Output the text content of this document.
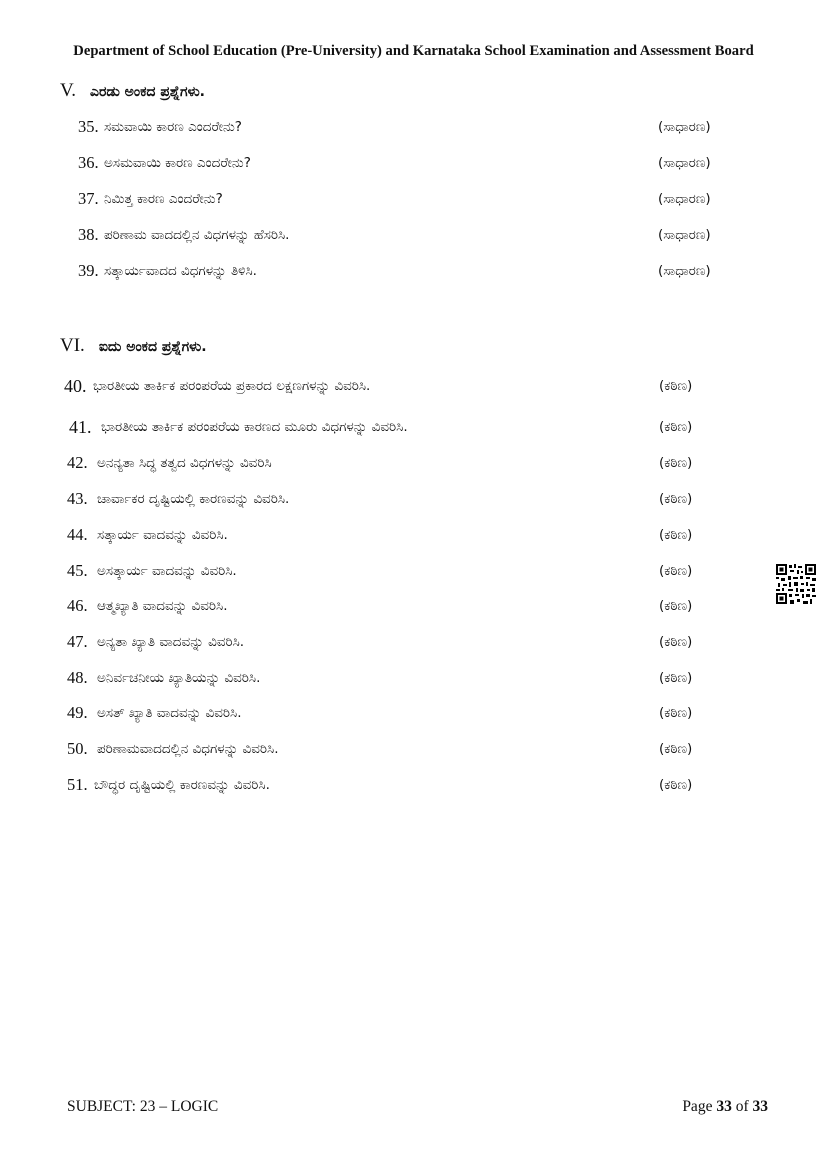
Department of School Education (Pre-University) and Karnataka School Examination and Assessment Board
V. ಎರಡು ಅಂಕದ ಪ್ರಶ್ನೆಗಳು.
35. ಸಮವಾಯಿ ಕಾರಣ ಎಂದರೇನು?	(ಸಾಧಾರಣ)
36. ಅಸಮವಾಯಿ ಕಾರಣ ಎಂದರೇನು?	(ಸಾಧಾರಣ)
37. ನಿಮಿತ್ತ ಕಾರಣ ಎಂದರೇನು?	(ಸಾಧಾರಣ)
38. ಪರಿಣಾಮ ವಾದದಲ್ಲಿನ ವಿಧಗಳನ್ನು ಹೆಸರಿಸಿ.	(ಸಾಧಾರಣ)
39. ಸತ್ಕಾರ್ಯವಾದದ ವಿಧಗಳನ್ನು ತಿಳಿಸಿ.	(ಸಾಧಾರಣ)
VI. ಐದು ಅಂಕದ ಪ್ರಶ್ನೆಗಳು.
40. ಭಾರತೀಯ ತಾರ್ಕಿಕ ಪರಂಪರೆಯ ಪ್ರಕಾರದ ಲಕ್ಷಣಗಳನ್ನು ವಿವರಿಸಿ.	(ಕಠಿಣ)
41. ಭಾರತೀಯ ತಾರ್ಕಿಕ ಪರಂಪರೆಯ ಕಾರಣದ ಮೂರು ವಿಧಗಳನ್ನು ವಿವರಿಸಿ.	(ಕಠಿಣ)
42. ಅನನ್ಯತಾ ಸಿದ್ಧ ತತ್ವದ ವಿಧಗಳನ್ನು ವಿವರಿಸಿ	(ಕಠಿಣ)
43. ಚಾರ್ವಾಕರ ದೃಷ್ಟಿಯಲ್ಲಿ ಕಾರಣವನ್ನು ವಿವರಿಸಿ.	(ಕಠಿಣ)
44. ಸತ್ಕಾರ್ಯ ವಾದವನ್ನು ವಿವರಿಸಿ.	(ಕಠಿಣ)
45. ಅಸತ್ಕಾರ್ಯ ವಾದವನ್ನು ವಿವರಿಸಿ.	(ಕಠಿಣ)
46. ಆತ್ಮಖ್ಯಾತಿ ವಾದವನ್ನು ವಿವರಿಸಿ.	(ಕಠಿಣ)
47. ಅನ್ಯತಾ ಖ್ಯಾತಿ ವಾದವನ್ನು ವಿವರಿಸಿ.	(ಕಠಿಣ)
48. ಅನಿರ್ವಚನೀಯ ಖ್ಯಾತಿಯನ್ನು ವಿವರಿಸಿ.	(ಕಠಿಣ)
49. ಅಸತ್ ಖ್ಯಾತಿ ವಾದವನ್ನು ವಿವರಿಸಿ.	(ಕಠಿಣ)
50. ಪರಿಣಾಮವಾದದಲ್ಲಿನ ವಿಧಗಳನ್ನು ವಿವರಿಸಿ.	(ಕಠಿಣ)
51. ಬೌದ್ಧರ ದೃಷ್ಟಿಯಲ್ಲಿ ಕಾರಣವನ್ನು ವಿವರಿಸಿ.	(ಕಠಿಣ)
SUBJECT: 23 – LOGIC	Page 33 of 33
